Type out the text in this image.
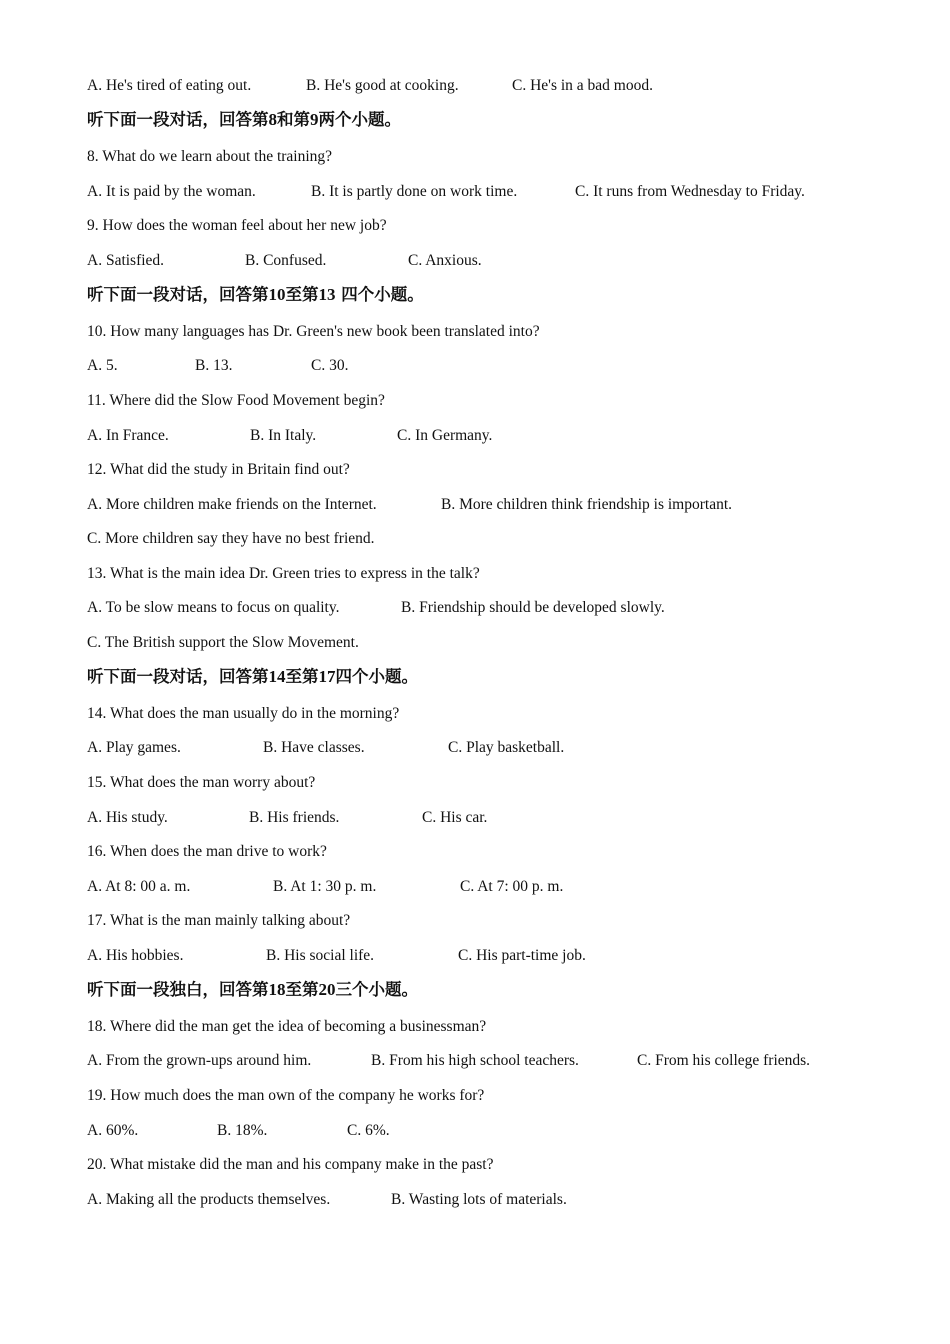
A. He's tired of eating out.	B. He's good at cooking.	C. He's in a bad mood.
听下面一段对话，回答第8和第9两个小题。
8. What do we learn about the training?
A. It is paid by the woman.	B. It is partly done on work time.	C. It runs from Wednesday to Friday.
9. How does the woman feel about her new job?
A. Satisfied.	B. Confused.	C. Anxious.
听下面一段对话，回答第10至第13 四个小题。
10. How many languages has Dr. Green's new book been translated into?
A. 5.	B. 13.	C. 30.
11. Where did the Slow Food Movement begin?
A. In France.	B. In Italy.	C. In Germany.
12. What did the study in Britain find out?
A. More children make friends on the Internet.	B. More children think friendship is important.
C. More children say they have no best friend.
13. What is the main idea Dr. Green tries to express in the talk?
A. To be slow means to focus on quality.	B. Friendship should be developed slowly.
C. The British support the Slow Movement.
听下面一段对话，回答第14至第17四个小题。
14. What does the man usually do in the morning?
A. Play games.	B. Have classes.	C. Play basketball.
15. What does the man worry about?
A. His study.	B. His friends.	C. His car.
16. When does the man drive to work?
A. At 8: 00 a. m.	B. At 1: 30 p. m.	C. At 7: 00 p. m.
17. What is the man mainly talking about?
A. His hobbies.	B. His social life.	C. His part-time job.
听下面一段独白，回答第18至第20三个小题。
18. Where did the man get the idea of becoming a businessman?
A. From the grown-ups around him.	B. From his high school teachers.	C. From his college friends.
19. How much does the man own of the company he works for?
A. 60%.	B. 18%.	C. 6%.
20. What mistake did the man and his company make in the past?
A. Making all the products themselves.	B. Wasting lots of materials.
